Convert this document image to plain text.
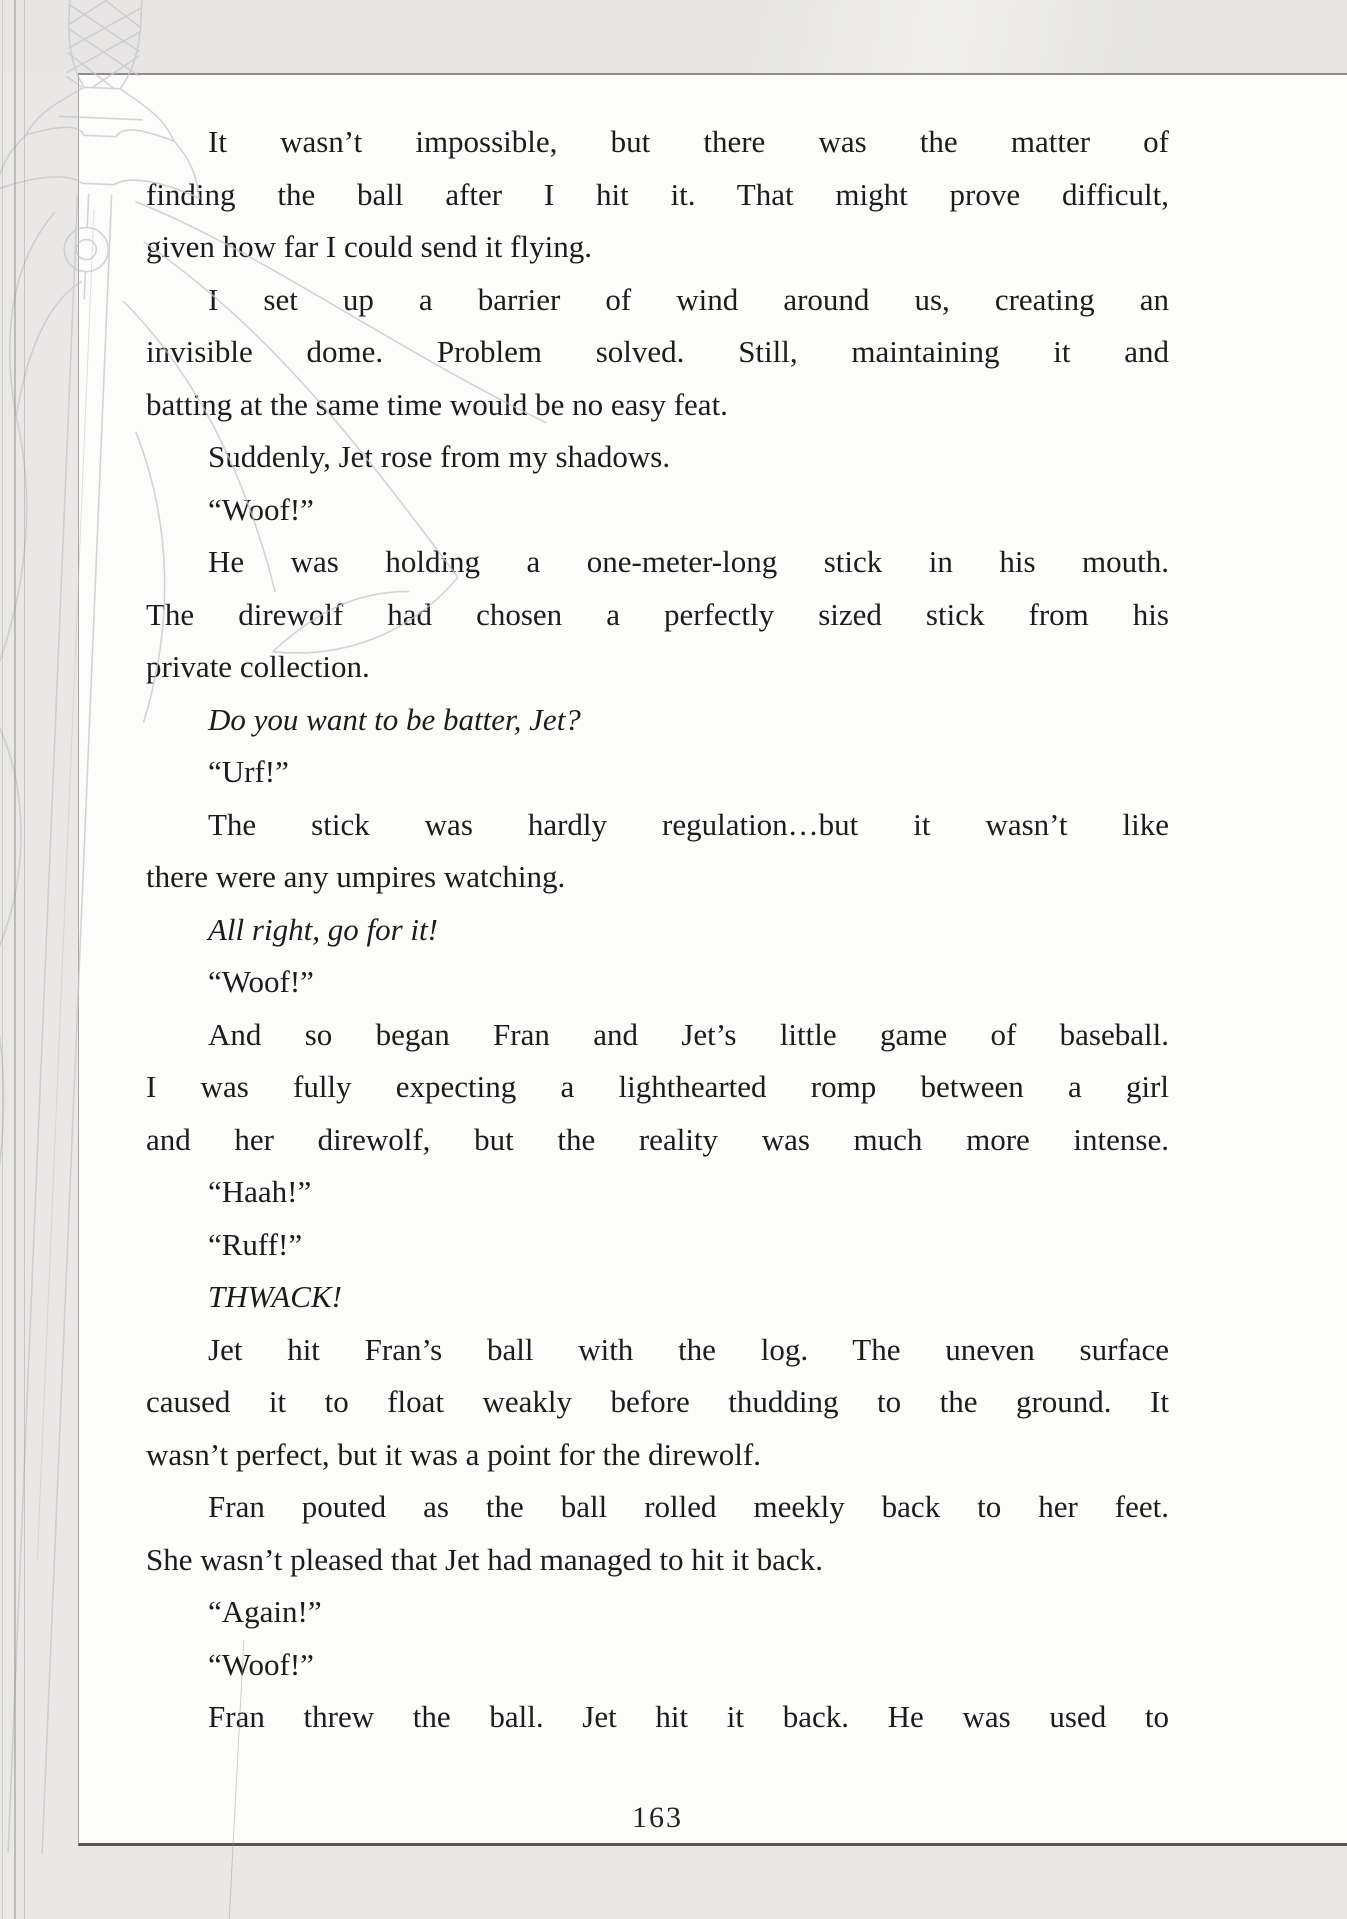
It wasn’t impossible, but there was the matter of
finding the ball after I hit it. That might prove difficult,
given how far I could send it flying.
I set up a barrier of wind around us, creating an
invisible dome. Problem solved. Still, maintaining it and
batting at the same time would be no easy feat.
Suddenly, Jet rose from my shadows.
“Woof!”
He was holding a one-meter-long stick in his mouth.
The direwolf had chosen a perfectly sized stick from his
private collection.
Do you want to be batter, Jet?
“Urf!”
The stick was hardly regulation…but it wasn’t like
there were any umpires watching.
All right, go for it!
“Woof!”
And so began Fran and Jet’s little game of baseball.
I was fully expecting a lighthearted romp between a girl
and her direwolf, but the reality was much more intense.
“Haah!”
“Ruff!”
THWACK!
Jet hit Fran’s ball with the log. The uneven surface
caused it to float weakly before thudding to the ground. It
wasn’t perfect, but it was a point for the direwolf.
Fran pouted as the ball rolled meekly back to her feet.
She wasn’t pleased that Jet had managed to hit it back.
“Again!”
“Woof!”
Fran threw the ball. Jet hit it back. He was used to
163
